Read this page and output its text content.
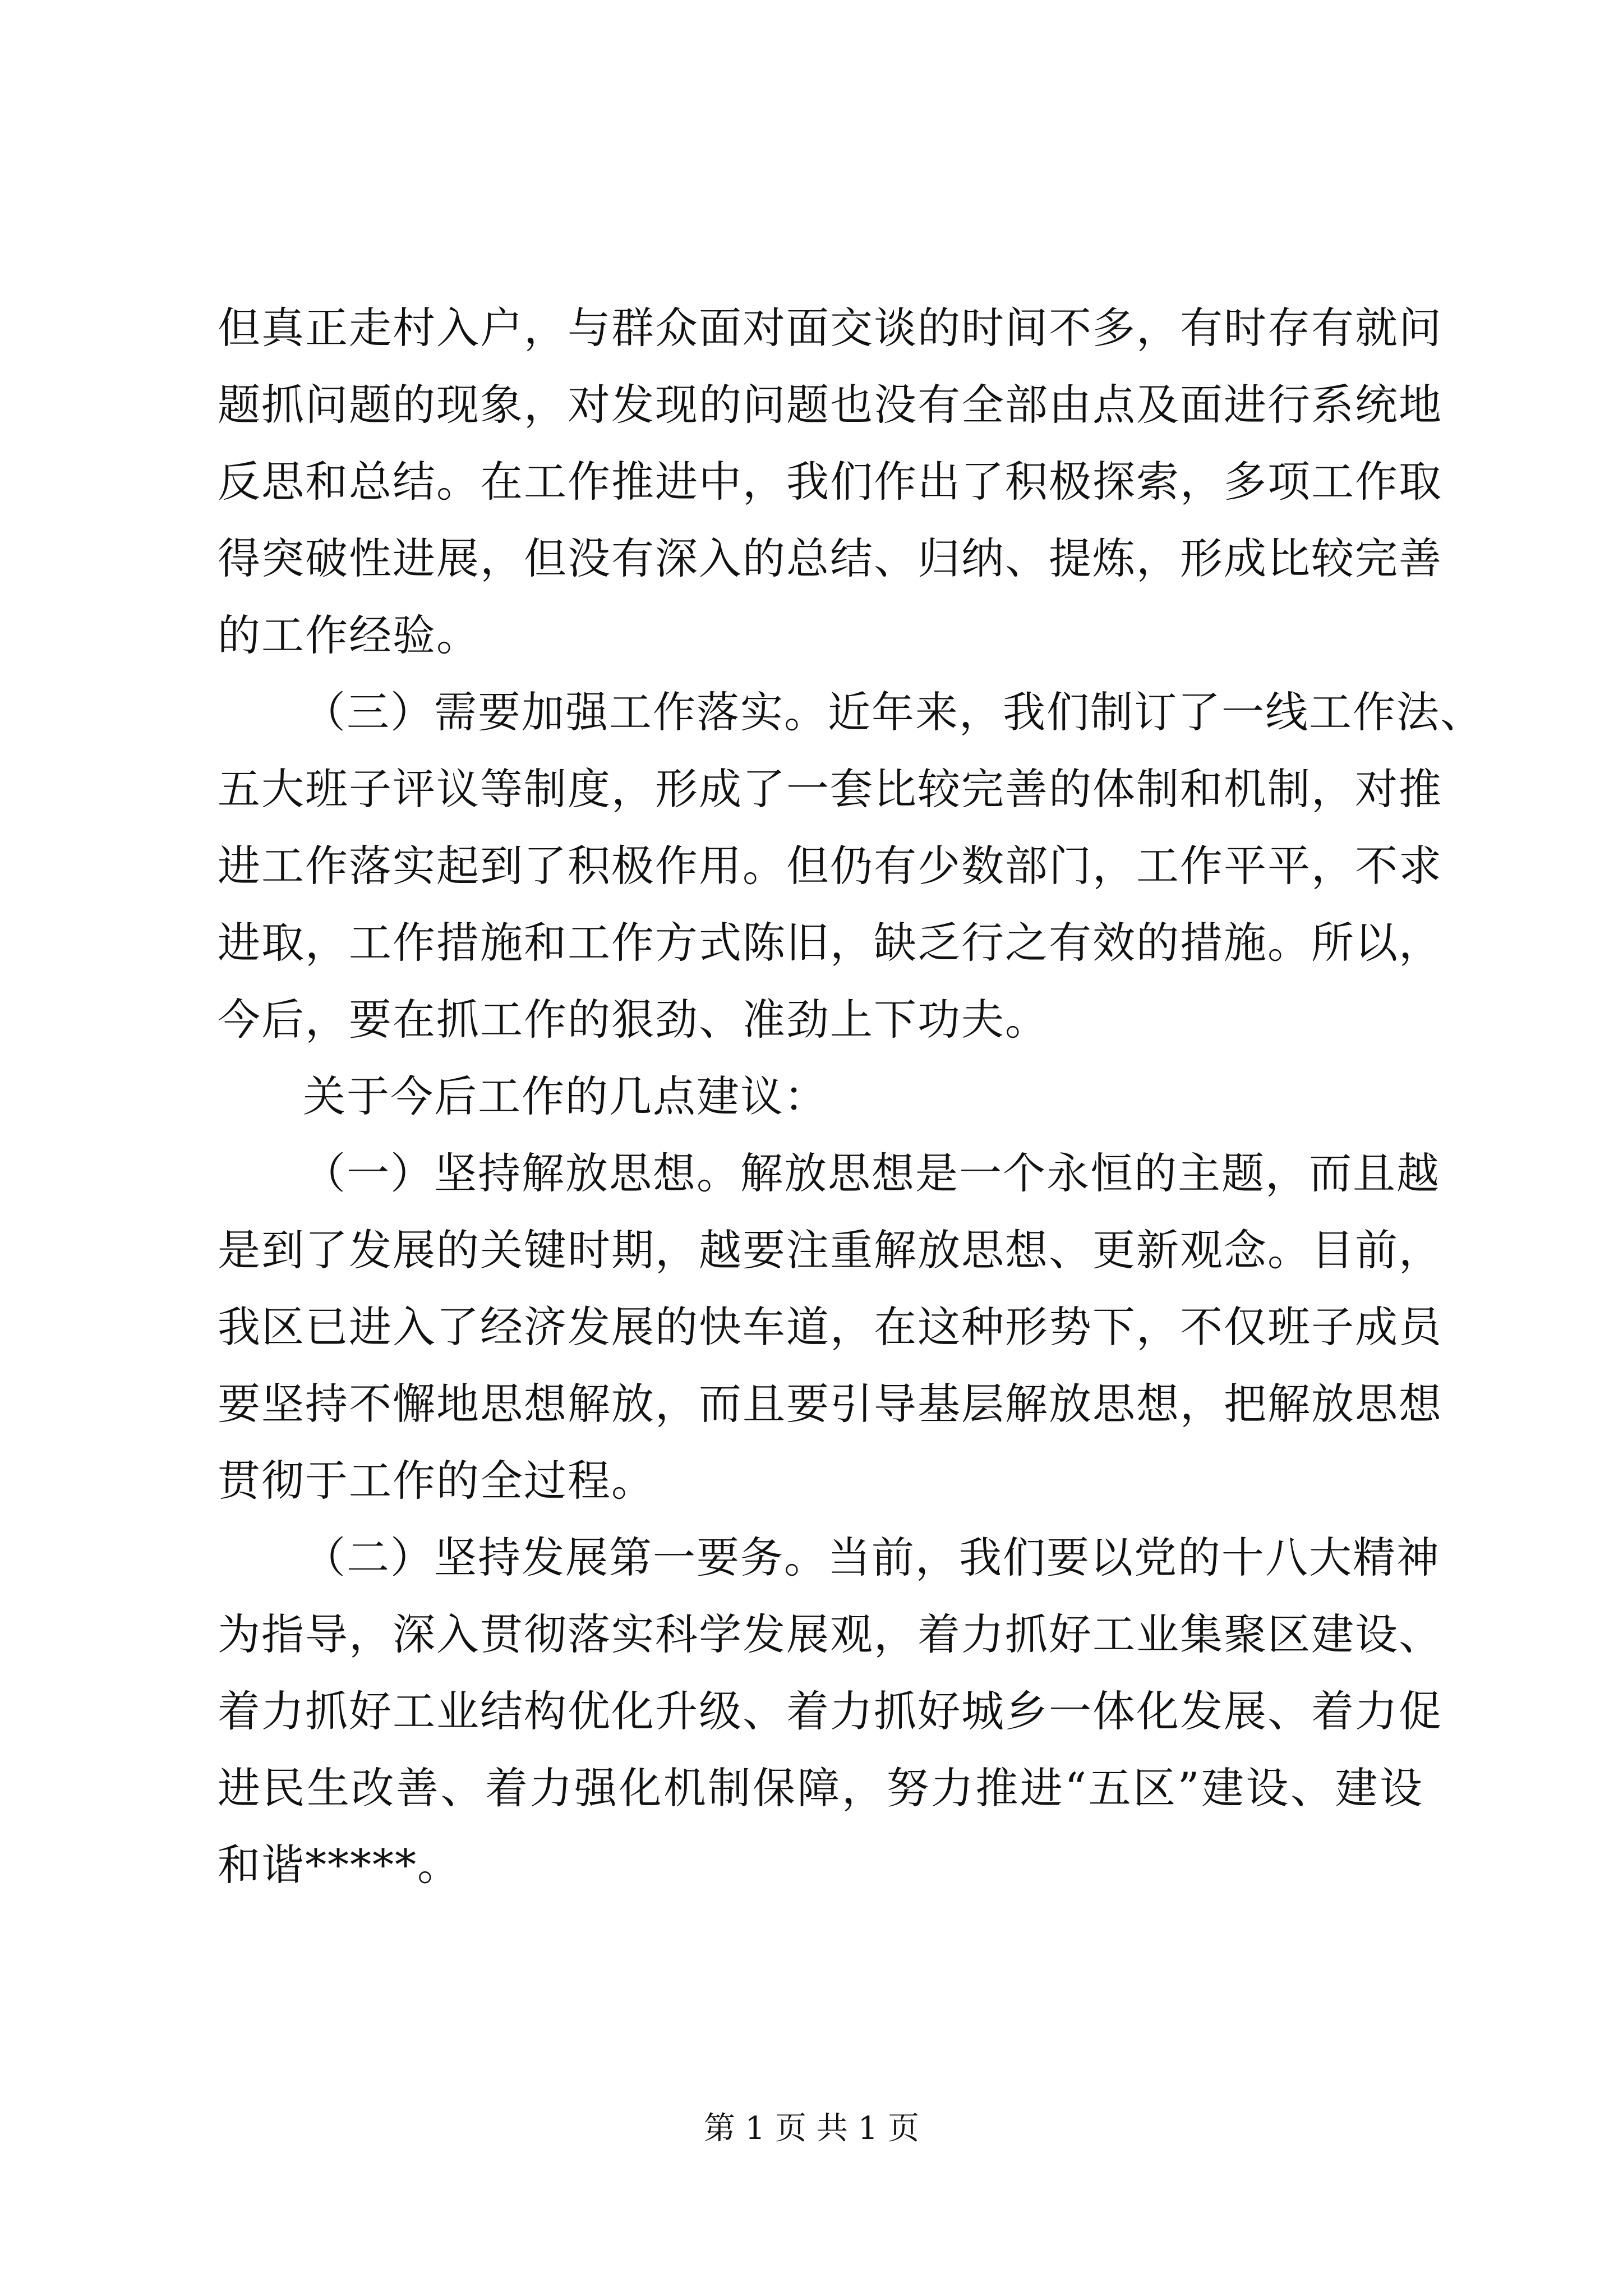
但真正走村入户，与群众面对面交谈的时间不多，有时存有就问
题抓问题的现象，对发现的问题也没有全部由点及面进行系统地
反思和总结。在工作推进中，我们作出了积极探索，多项工作取
得突破性进展，但没有深入的总结、归纳、提炼，形成比较完善
的工作经验。
（三）需要加强工作落实。近年来，我们制订了一线工作法、
五大班子评议等制度，形成了一套比较完善的体制和机制，对推
进工作落实起到了积极作用。但仍有少数部门，工作平平，不求
进取，工作措施和工作方式陈旧，缺乏行之有效的措施。所以，
今后，要在抓工作的狠劲、准劲上下功夫。
关于今后工作的几点建议：
（一）坚持解放思想。解放思想是一个永恒的主题，而且越
是到了发展的关键时期，越要注重解放思想、更新观念。目前，
我区已进入了经济发展的快车道，在这种形势下，不仅班子成员
要坚持不懈地思想解放，而且要引导基层解放思想，把解放思想
贯彻于工作的全过程。
（二）坚持发展第一要务。当前，我们要以党的十八大精神
为指导，深入贯彻落实科学发展观，着力抓好工业集聚区建设、
着力抓好工业结构优化升级、着力抓好城乡一体化发展、着力促
进民生改善、着力强化机制保障，努力推进“五区”建设、建设
和谐*****。
第 1 页 共 1 页
